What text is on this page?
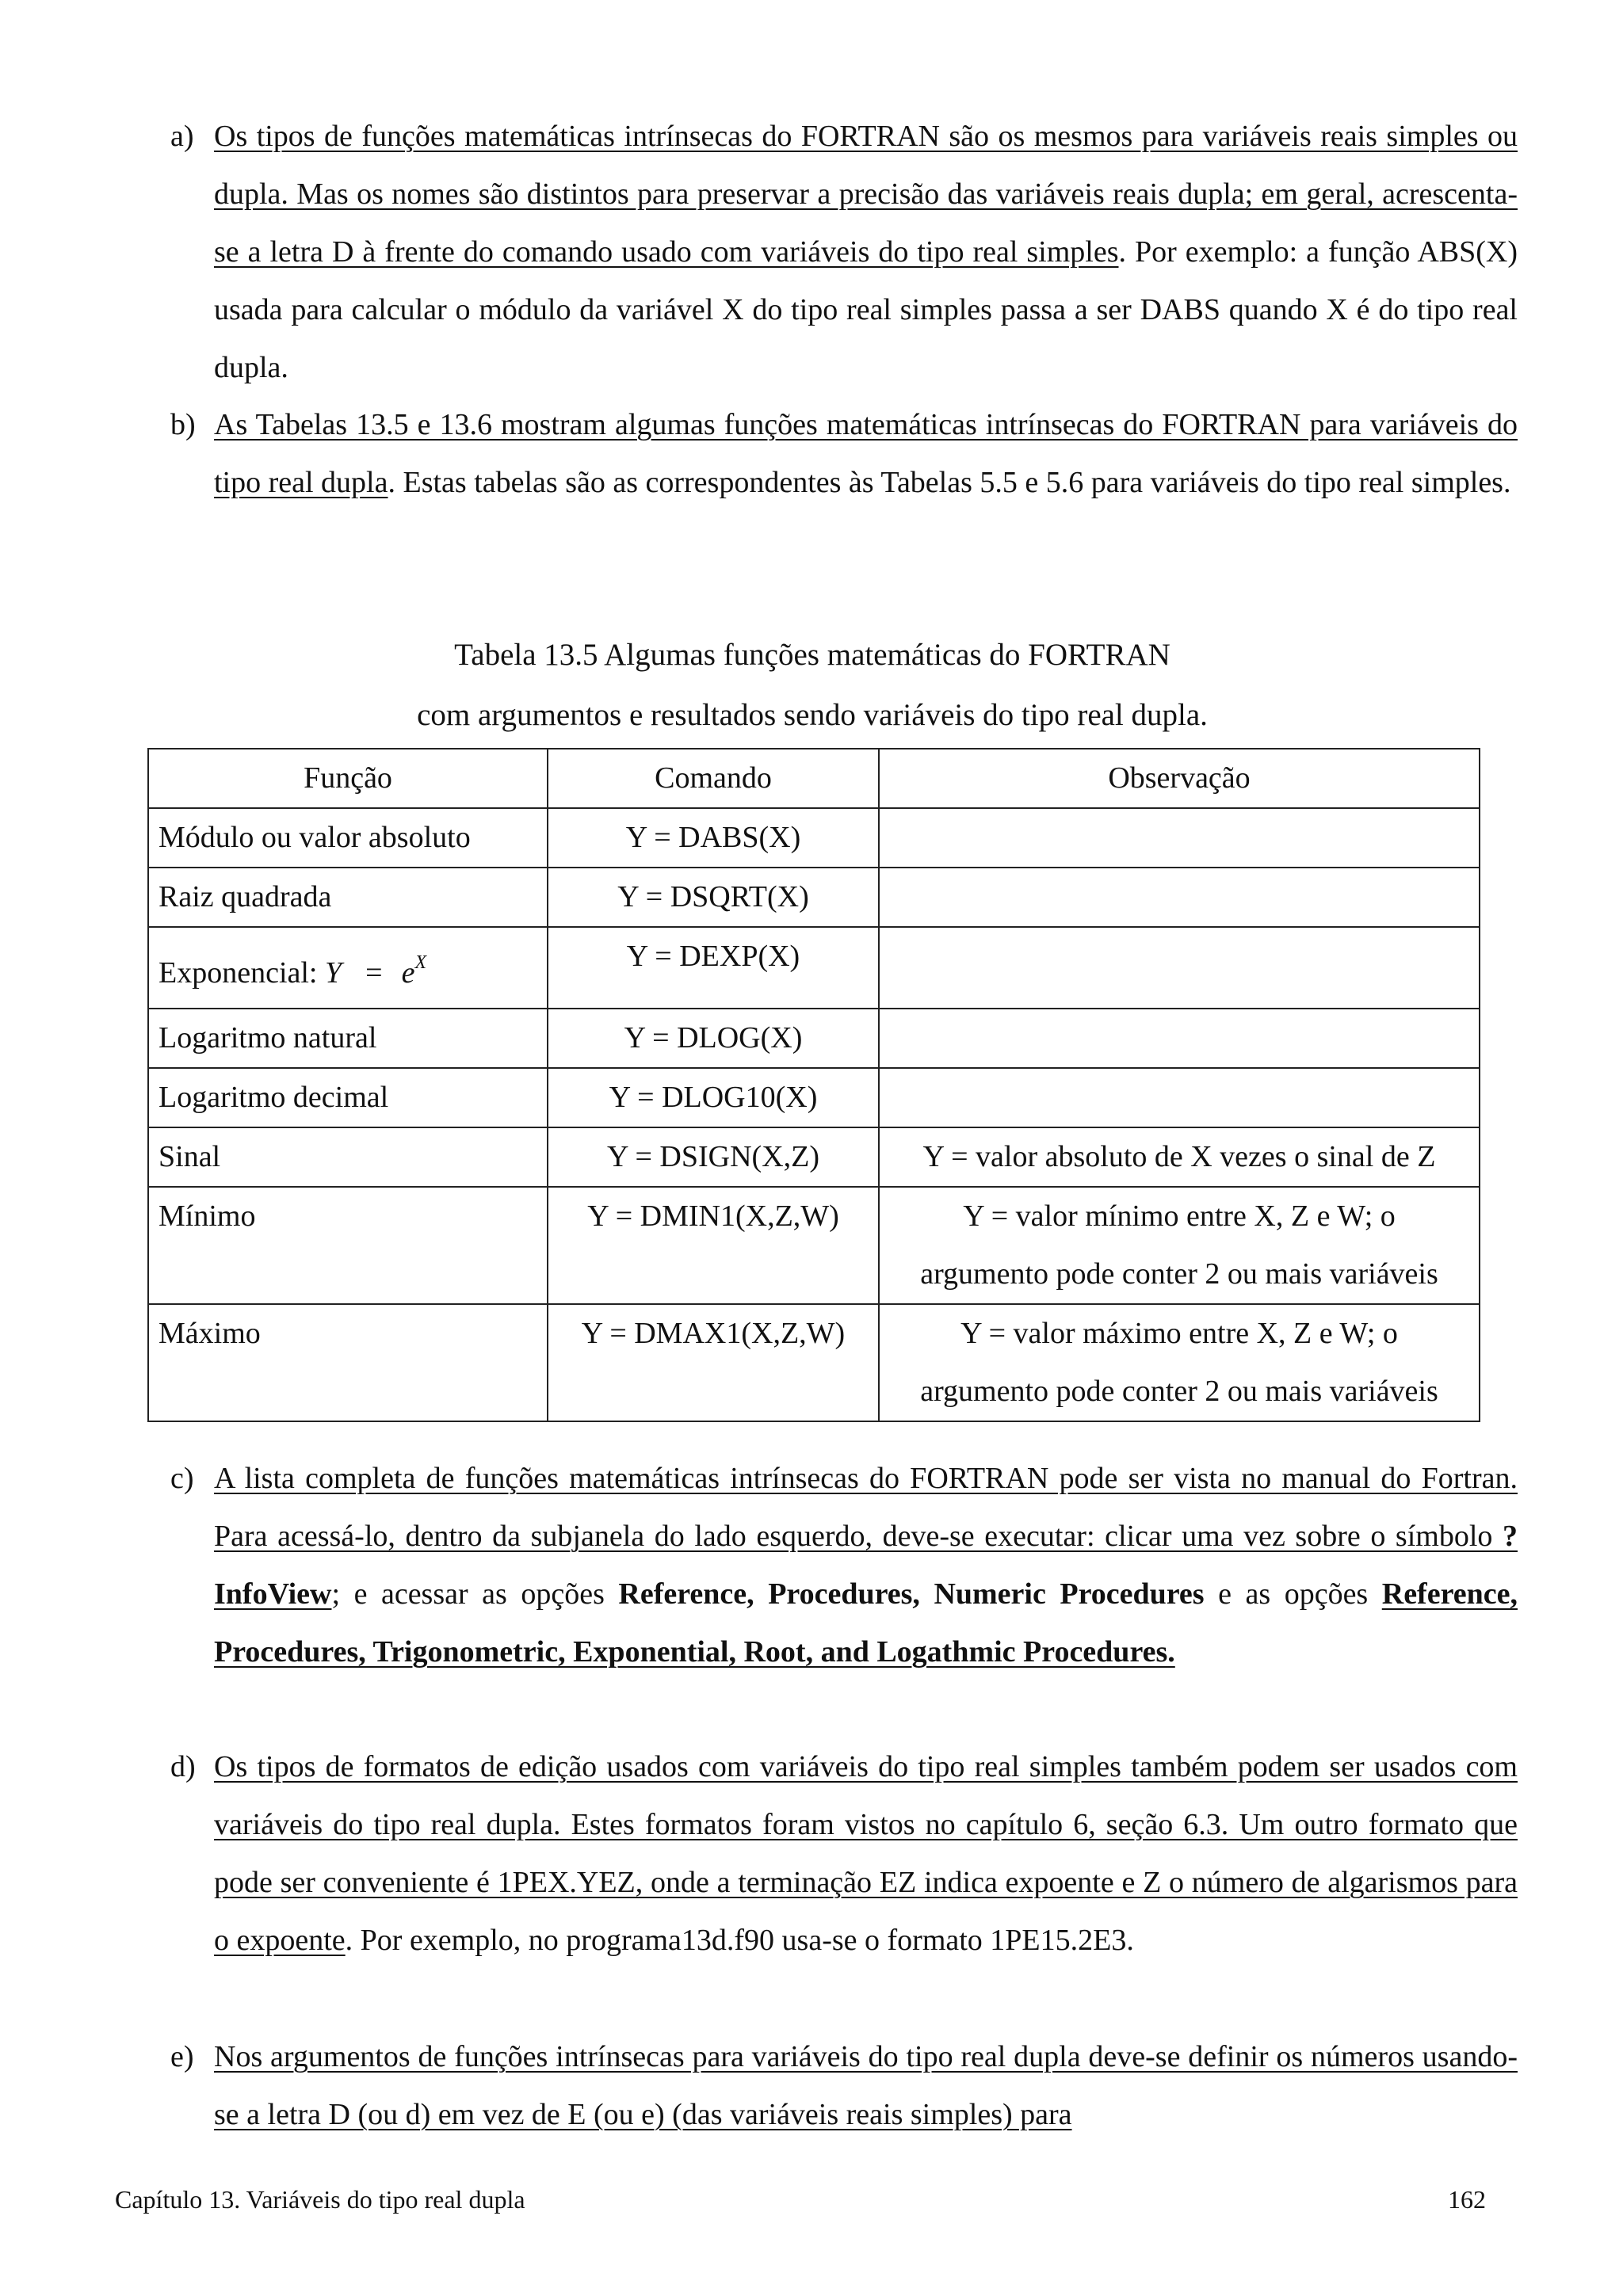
a) Os tipos de funções matemáticas intrínsecas do FORTRAN são os mesmos para variáveis reais simples ou dupla. Mas os nomes são distintos para preservar a precisão das variáveis reais dupla; em geral, acrescenta-se a letra D à frente do comando usado com variáveis do tipo real simples. Por exemplo: a função ABS(X) usada para calcular o módulo da variável X do tipo real simples passa a ser DABS quando X é do tipo real dupla.
b) As Tabelas 13.5 e 13.6 mostram algumas funções matemáticas intrínsecas do FORTRAN para variáveis do tipo real dupla. Estas tabelas são as correspondentes às Tabelas 5.5 e 5.6 para variáveis do tipo real simples.
Tabela 13.5 Algumas funções matemáticas do FORTRAN
com argumentos e resultados sendo variáveis do tipo real dupla.
Função	Comando	Observação
Módulo ou valor absoluto	Y = DABS(X)	
Raiz quadrada	Y = DSQRT(X)	
Exponencial: $Y = e^X$	Y = DEXP(X)	
Logaritmo natural	Y = DLOG(X)	
Logaritmo decimal	Y = DLOG10(X)	
Sinal	Y = DSIGN(X,Z)	Y = valor absoluto de X vezes o sinal de Z
Mínimo	Y = DMIN1(X,Z,W)	Y = valor mínimo entre X, Z e W; o
argumento pode conter 2 ou mais variáveis

Máximo	Y = DMAX1(X,Z,W)	Y = valor máximo entre X, Z e W; o
argumento pode conter 2 ou mais variáveis
c) A lista completa de funções matemáticas intrínsecas do FORTRAN pode ser vista no manual do Fortran. Para acessá-lo, dentro da subjanela do lado esquerdo, deve-se executar: clicar uma vez sobre o símbolo ?InfoView; e acessar as opções Reference, Procedures, Numeric Procedures e as opções Reference, Procedures, Trigonometric, Exponential, Root, and Logathmic Procedures.
d) Os tipos de formatos de edição usados com variáveis do tipo real simples também podem ser usados com variáveis do tipo real dupla. Estes formatos foram vistos no capítulo 6, seção 6.3. Um outro formato que pode ser conveniente é 1PEX.YEZ, onde a terminação EZ indica expoente e Z o número de algarismos para o expoente. Por exemplo, no programa13d.f90 usa-se o formato 1PE15.2E3.
e) Nos argumentos de funções intrínsecas para variáveis do tipo real dupla deve-se definir os números usando-se a letra D (ou d) em vez de E (ou e) (das variáveis reais simples) para
Capítulo 13. Variáveis do tipo real dupla	162
